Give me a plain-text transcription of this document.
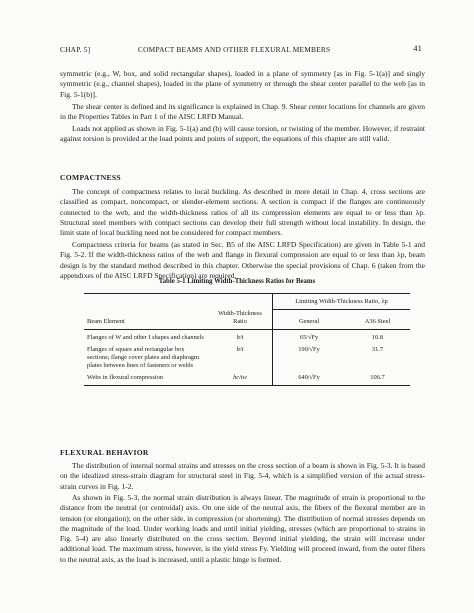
CHAP. 5]	COMPACT BEAMS AND OTHER FLEXURAL MEMBERS	41

symmetric (e.g., W, box, and solid rectangular shapes), loaded in a plane of symmetry [as in Fig. 5-1(a)] and singly symmetric (e.g., channel shapes), loaded in the plane of symmetry or through the shear center parallel to the web [as in Fig. 5-1(b)].

The shear center is defined and its significance is explained in Chap. 9. Shear center locations for channels are given in the Properties Tables in Part 1 of the AISC LRFD Manual.

Loads not applied as shown in Fig. 5-1(a) and (b) will cause torsion, or twisting of the member. However, if restraint against torsion is provided at the load points and points of support, the equations of this chapter are still valid.

COMPACTNESS

The concept of compactness relates to local buckling. As described in more detail in Chap. 4, cross sections are classified as compact, noncompact, or slender-element sections. A section is compact if the flanges are continuously connected to the web, and the width-thickness ratios of all its compression elements are equal to or less than λp. Structural steel members with compact sections can develop their full strength without local instability. In design, the limit state of local buckling need not be considered for compact members.

Compactness criteria for beams (as stated in Sec. B5 of the AISC LRFD Specification) are given in Table 5-1 and Fig. 5-2. If the width-thickness ratios of the web and flange in flexural compression are equal to or less than λp, beam design is by the standard method described in this chapter. Otherwise the special provisions of Chap. 6 (taken from the appendixes of the AISC LRFD Specification) are required.

Table 5-1 Limiting Width-Thickness Ratios for Beams

		Limiting Width-Thickness Ratio, λp	
Beam Element	Width-Thickness Ratio	General	A36 Steel
Flanges of W and other I shapes and channels	b/t	65/√Fy	10.8
Flanges of square and rectangular box sections; flange cover plates and diaphragm plates between lines of fasteners or welds	b/t	190/√Fy	31.7
Webs in flexural compression	hc/tw	640/√Fy	106.7
FLEXURAL BEHAVIOR

The distribution of internal normal strains and stresses on the cross section of a beam is shown in Fig. 5-3. It is based on the idealized stress-strain diagram for structural steel in Fig. 5-4, which is a simplified version of the actual stress-strain curves in Fig. 1-2.

As shown in Fig. 5-3, the normal strain distribution is always linear. The magnitude of strain is proportional to the distance from the neutral (or centroidal) axis. On one side of the neutral axis, the fibers of the flexural member are in tension (or elongation); on the other side, in compression (or shortening). The distribution of normal stresses depends on the magnitude of the load. Under working loads and until initial yielding, stresses (which are proportional to strains in Fig. 5-4) are also linearly distributed on the cross section. Beyond initial yielding, the strain will increase under additional load. The maximum stress, however, is the yield stress Fy. Yielding will proceed inward, from the outer fibers to the neutral axis, as the load is increased, until a plastic hinge is formed.
